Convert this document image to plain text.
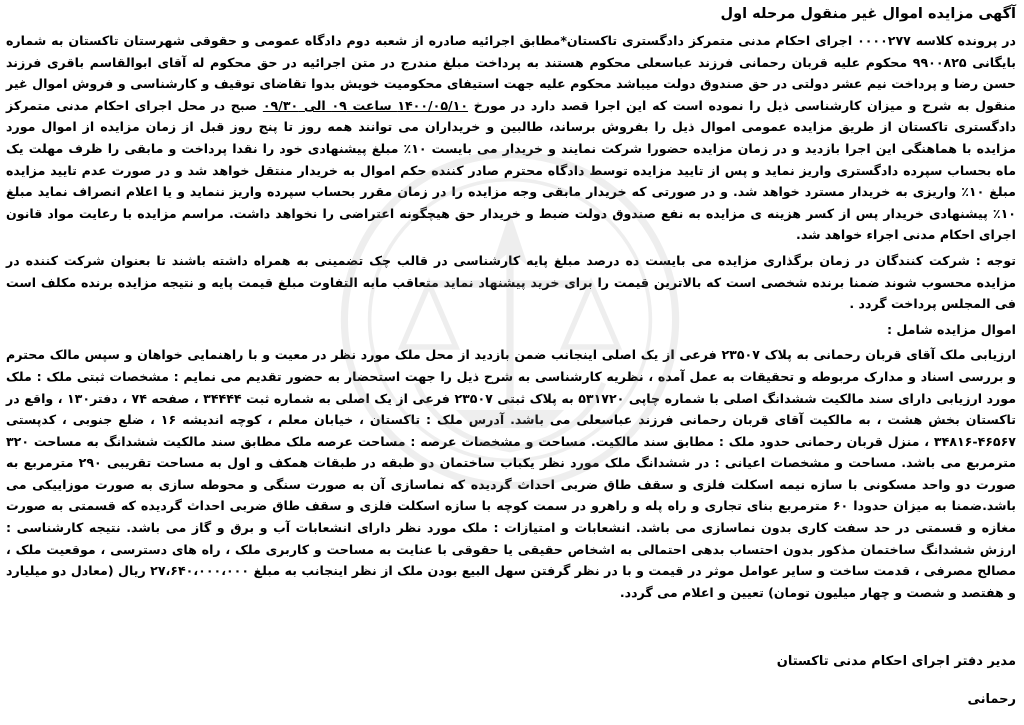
آگهی مزایده اموال غیر منقول مرحله اول

در پرونده کلاسه ۰۰۰۰۲۷۷ اجرای احکام مدنی متمرکز دادگستری تاکستان*مطابق اجرائیه صادره از شعبه دوم دادگاه عمومی و حقوقی شهرستان تاکستان به شماره بایگانی ۹۹۰۰۸۲۵ محکوم علیه قربان رحمانی فرزند عباسعلی محکوم هستند به پرداخت مبلغ مندرج در متن اجرائیه در حق محکوم له آقای ابوالقاسم باقری فرزند حسن رضا و پرداخت نیم عشر دولتی در حق صندوق دولت میباشد محکوم علیه جهت استیفای محکومیت خویش بدوا تقاضای توقیف و کارشناسی و فروش اموال غیر منقول به شرح و میزان کارشناسی ذیل را نموده است که این اجرا قصد دارد در مورخ ۱۴۰۰/۰۵/۱۰ ساعت ۰۹ الی ۰۹/۳۰ صبح در محل اجرای احکام مدنی متمرکز دادگستری تاکستان از طریق مزایده عمومی اموال ذیل را بفروش برساند، طالبین و خریداران می توانند همه روز تا پنج روز قبل از زمان مزایده از اموال مورد مزایده با هماهنگی این اجرا بازدید و در زمان مزایده حضورا شرکت نمایند و خریدار می بایست ۱۰٪ مبلغ پیشنهادی خود را نقدا پرداخت و مابقی را ظرف مهلت یک ماه بحساب سپرده دادگستری واریز نماید و پس از تایید مزایده توسط دادگاه محترم صادر کننده حکم اموال به خریدار منتقل خواهد شد و در صورت عدم تایید مزایده مبلغ ۱۰٪ واریزی به خریدار مسترد خواهد شد. و در صورتی که خریدار مابقی وجه مزایده را در زمان مقرر بحساب سپرده واریز ننماید و یا اعلام انصراف نماید مبلغ ۱۰٪ پیشنهادی خریدار پس از کسر هزینه ی مزایده به نفع صندوق دولت ضبط و خریدار حق هیچگونه اعتراضی را نخواهد داشت. مراسم مزایده با رعایت مواد قانون اجرای احکام مدنی اجراء خواهد شد.

توجه : شرکت کنندگان در زمان برگذاری مزایده می بایست ده درصد مبلغ پایه کارشناسی در قالب چک تضمینی به همراه داشته باشند تا بعنوان شرکت کننده در مزایده محسوب شوند ضمنا برنده شخصی است که بالاترین قیمت را برای خرید پیشنهاد نماید متعاقب مابه التفاوت مبلغ قیمت پایه و نتیجه مزایده برنده مکلف است فی المجلس پرداخت گردد .

اموال مزایده شامل :

ارزیابی ملک آقای قربان رحمانی به پلاک ۲۳۵۰۷ فرعی از یک اصلی اینجانب ضمن بازدید از محل ملک مورد نظر در معیت و با راهنمایی خواهان و سپس مالک محترم و بررسی اسناد و مدارک مربوطه و تحقیقات به عمل آمده ، نظریه کارشناسی به شرح ذیل را جهت استحضار به حضور تقدیم می نمایم : مشخصات ثبتی ملک : ملک مورد ارزیابی دارای سند مالکیت ششدانگ اصلی با شماره چاپی ۵۳۱۷۲۰ به پلاک ثبتی ۲۳۵۰۷ فرعی از یک اصلی به شماره ثبت ۳۴۴۴۴ ، صفحه ۷۴ ، دفتر۱۳۰ ، واقع در تاکستان بخش هشت ، به مالکیت آقای قربان رحمانی فرزند عباسعلی می باشد. آدرس ملک : تاکستان ، خیابان معلم ، کوچه اندیشه ۱۶ ، ضلع جنوبی ، کدپستی ۴۶۵۶۷-۳۴۸۱۶ ، منزل قربان رحمانی حدود ملک : مطابق سند مالکیت. مساحت و مشخصات عرصه : مساحت عرصه ملک مطابق سند مالکیت ششدانگ به مساحت ۳۲۰ مترمربع می باشد. مساحت و مشخصات اعیانی : در ششدانگ ملک مورد نظر یکباب ساختمان دو طبقه در طبقات همکف و اول به مساحت تقریبی ۲۹۰ مترمربع به صورت دو واحد مسکونی با سازه نیمه اسکلت فلزی و سقف طاق ضربی احداث گردیده که نماسازی آن به صورت سنگی و محوطه سازی به صورت موزاییکی می باشد.ضمنا به میزان حدودا ۶۰ مترمربع بنای تجاری و راه پله و راهرو در سمت کوچه با سازه اسکلت فلزی و سقف طاق ضربی احداث گردیده که قسمتی به صورت مغازه و قسمتی در حد سفت کاری بدون نماسازی می باشد. انشعابات و امتیازات : ملک مورد نظر دارای انشعابات آب و برق و گاز می باشد. نتیجه کارشناسی : ارزش ششدانگ ساختمان مذکور بدون احتساب بدهی احتمالی به اشخاص حقیقی یا حقوقی با عنایت به مساحت و کاربری ملک ، راه های دسترسی ، موقعیت ملک ، مصالح مصرفی ، قدمت ساخت و سایر عوامل موثر در قیمت و با در نظر گرفتن سهل البیع بودن ملک از نظر اینجانب به مبلغ ۲۷،۶۴۰،۰۰۰،۰۰۰ ریال (معادل دو میلیارد و هفتصد و شصت و چهار میلیون تومان) تعیین و اعلام می گردد.

مدیر دفتر اجرای احکام مدنی تاکستان
رحمانی
